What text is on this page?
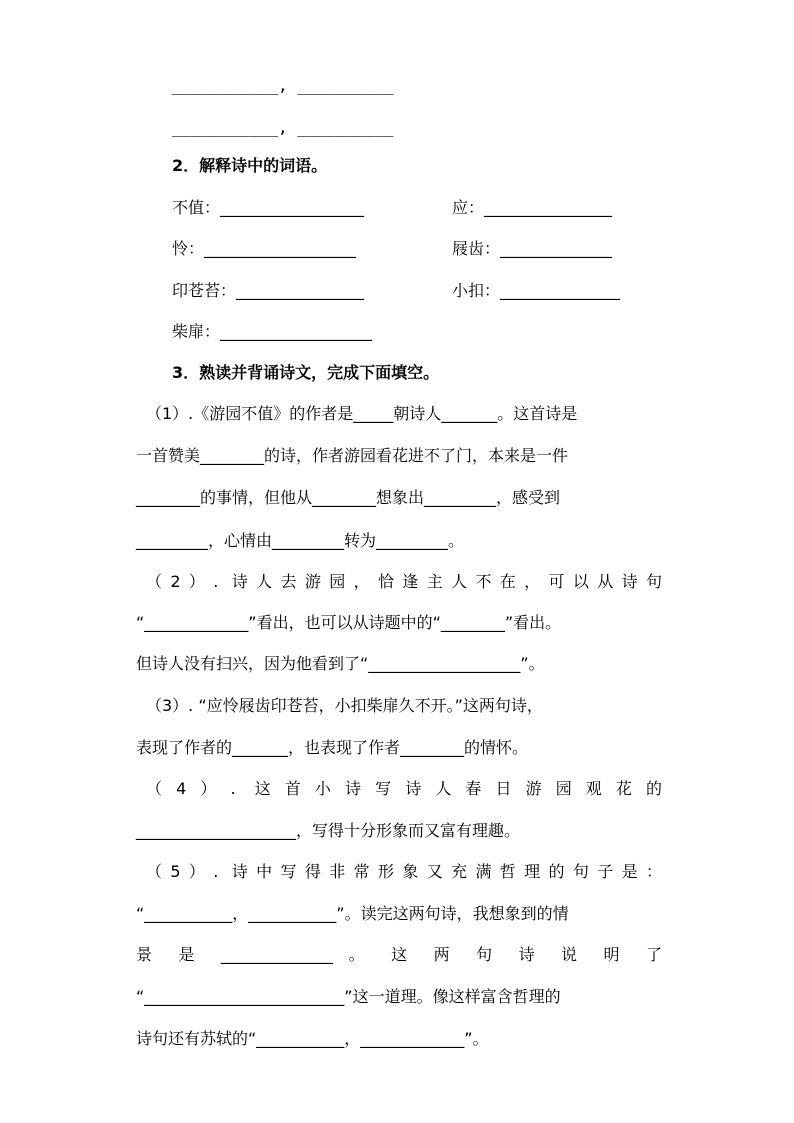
___________, __________
___________, __________
2．解释诗中的词语。
不值：__________________	应：________________
怜：___________________	屐齿：______________
印苍苔：________________	小扣：_______________
柴扉：___________________
3．熟读并背诵诗文，完成下面填空。
（1）.《游园不值》的作者是_____朝诗人_______。这首诗是
一首赞美________的诗，作者游园看花进不了门，本来是一件
________的事情，但他从________想象出_________，感受到
_________，心情由_________转为_________。
（2）. 诗人去游园，恰逢主人不在，可以从诗句
“_____________”看出，也可以从诗题中的“________”看出。
但诗人没有扫兴，因为他看到了“___________________”。
（3）. “应怜屐齿印苍苔，小扣柴扉久不开。”这两句诗，
表现了作者的_______，也表现了作者________的情怀。
（4）. 这首小诗写诗人春日游园观花的
____________________，写得十分形象而又富有理趣。
（5）. 诗中写得非常形象又充满哲理的句子是：
“___________，___________”。读完这两句诗，我想象到的情
景 是 ______________ 。 这 两 句 诗 说 明 了
“_________________________”这一道理。像这样富含哲理的
诗句还有苏轼的“___________，_____________”。
